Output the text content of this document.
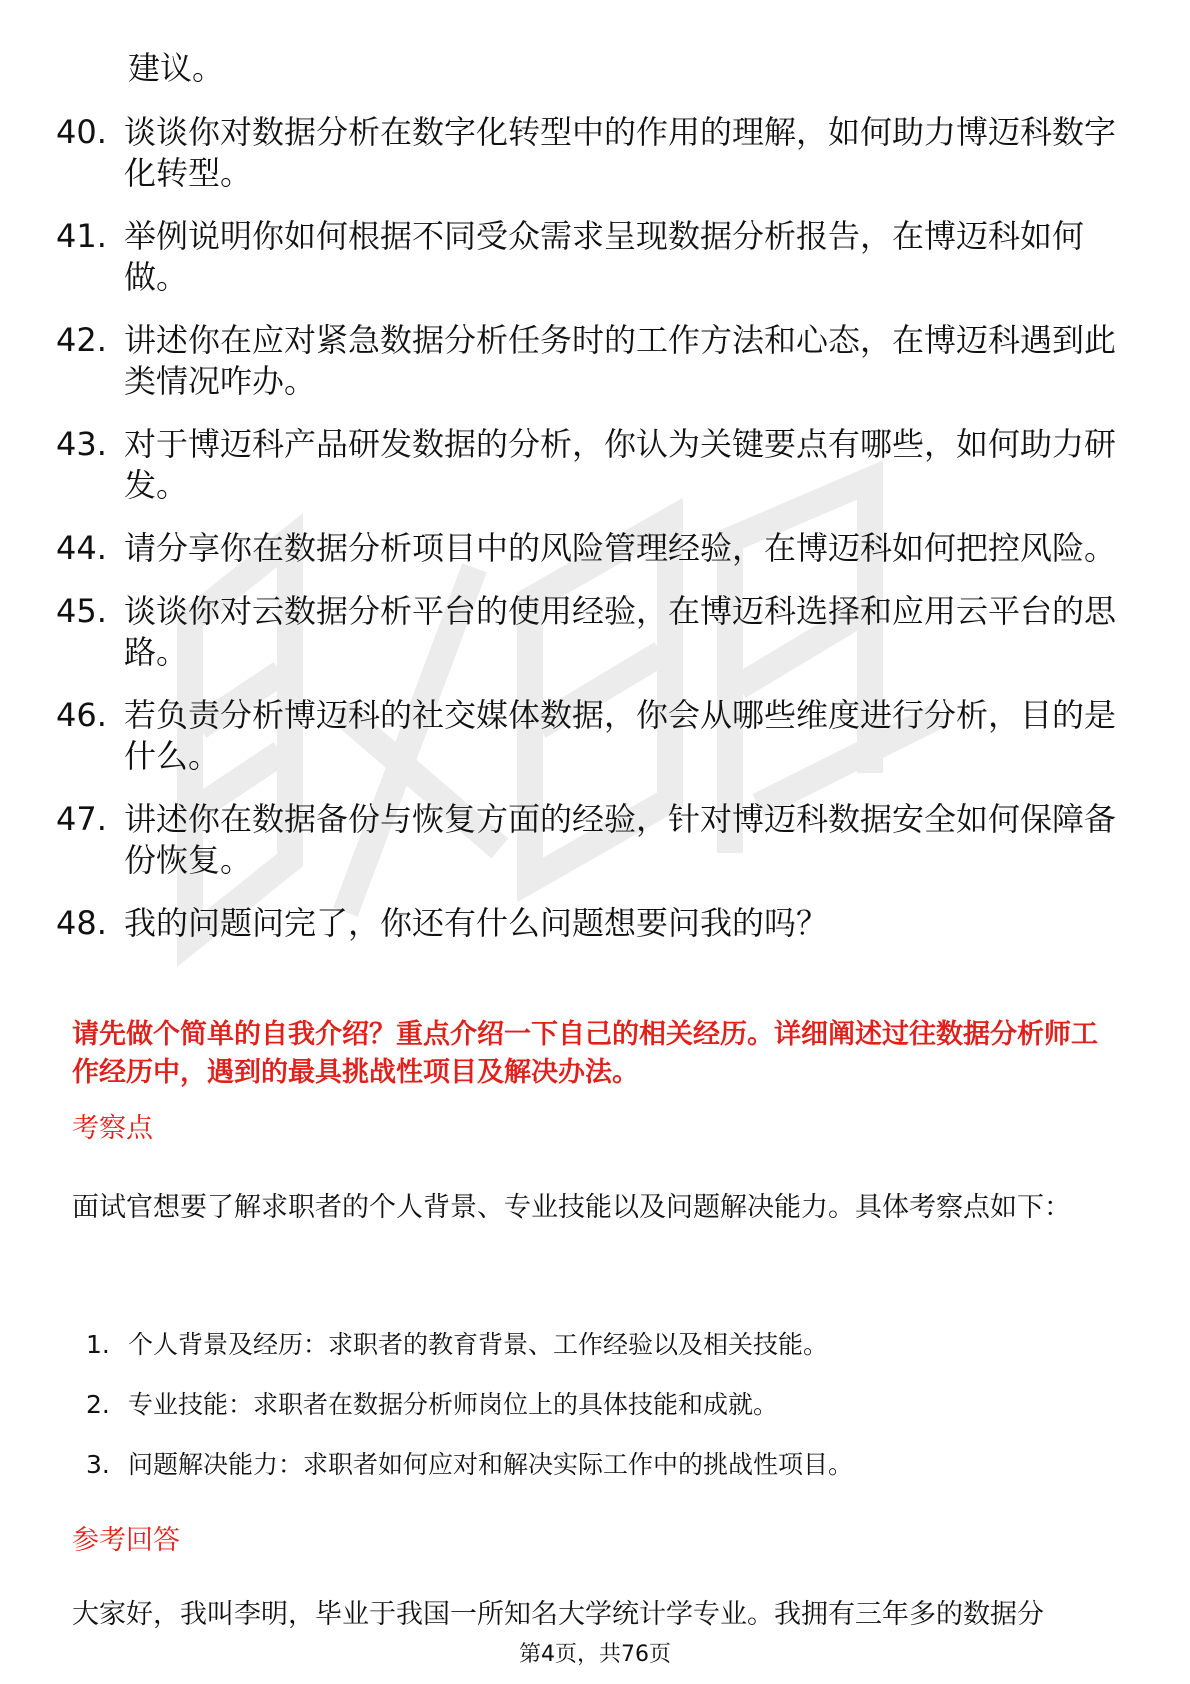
建议。

40. 谈谈你对数据分析在数字化转型中的作用的理解，如何助力博迈科数字化转型。
41. 举例说明你如何根据不同受众需求呈现数据分析报告，在博迈科如何做。
42. 讲述你在应对紧急数据分析任务时的工作方法和心态，在博迈科遇到此类情况咋办。
43. 对于博迈科产品研发数据的分析，你认为关键要点有哪些，如何助力研发。
44. 请分享你在数据分析项目中的风险管理经验，在博迈科如何把控风险。
45. 谈谈你对云数据分析平台的使用经验，在博迈科选择和应用云平台的思路。
46. 若负责分析博迈科的社交媒体数据，你会从哪些维度进行分析，目的是什么。
47. 讲述你在数据备份与恢复方面的经验，针对博迈科数据安全如何保障备份恢复。
48. 我的问题问完了，你还有什么问题想要问我的吗？

请先做个简单的自我介绍？重点介绍一下自己的相关经历。详细阐述过往数据分析师工作经历中，遇到的最具挑战性项目及解决办法。

考察点

面试官想要了解求职者的个人背景、专业技能以及问题解决能力。具体考察点如下：

1. 个人背景及经历：求职者的教育背景、工作经验以及相关技能。
2. 专业技能：求职者在数据分析师岗位上的具体技能和成就。
3. 问题解决能力：求职者如何应对和解决实际工作中的挑战性项目。

参考回答

大家好，我叫李明，毕业于我国一所知名大学统计学专业。我拥有三年多的数据分

第4页，共76页
